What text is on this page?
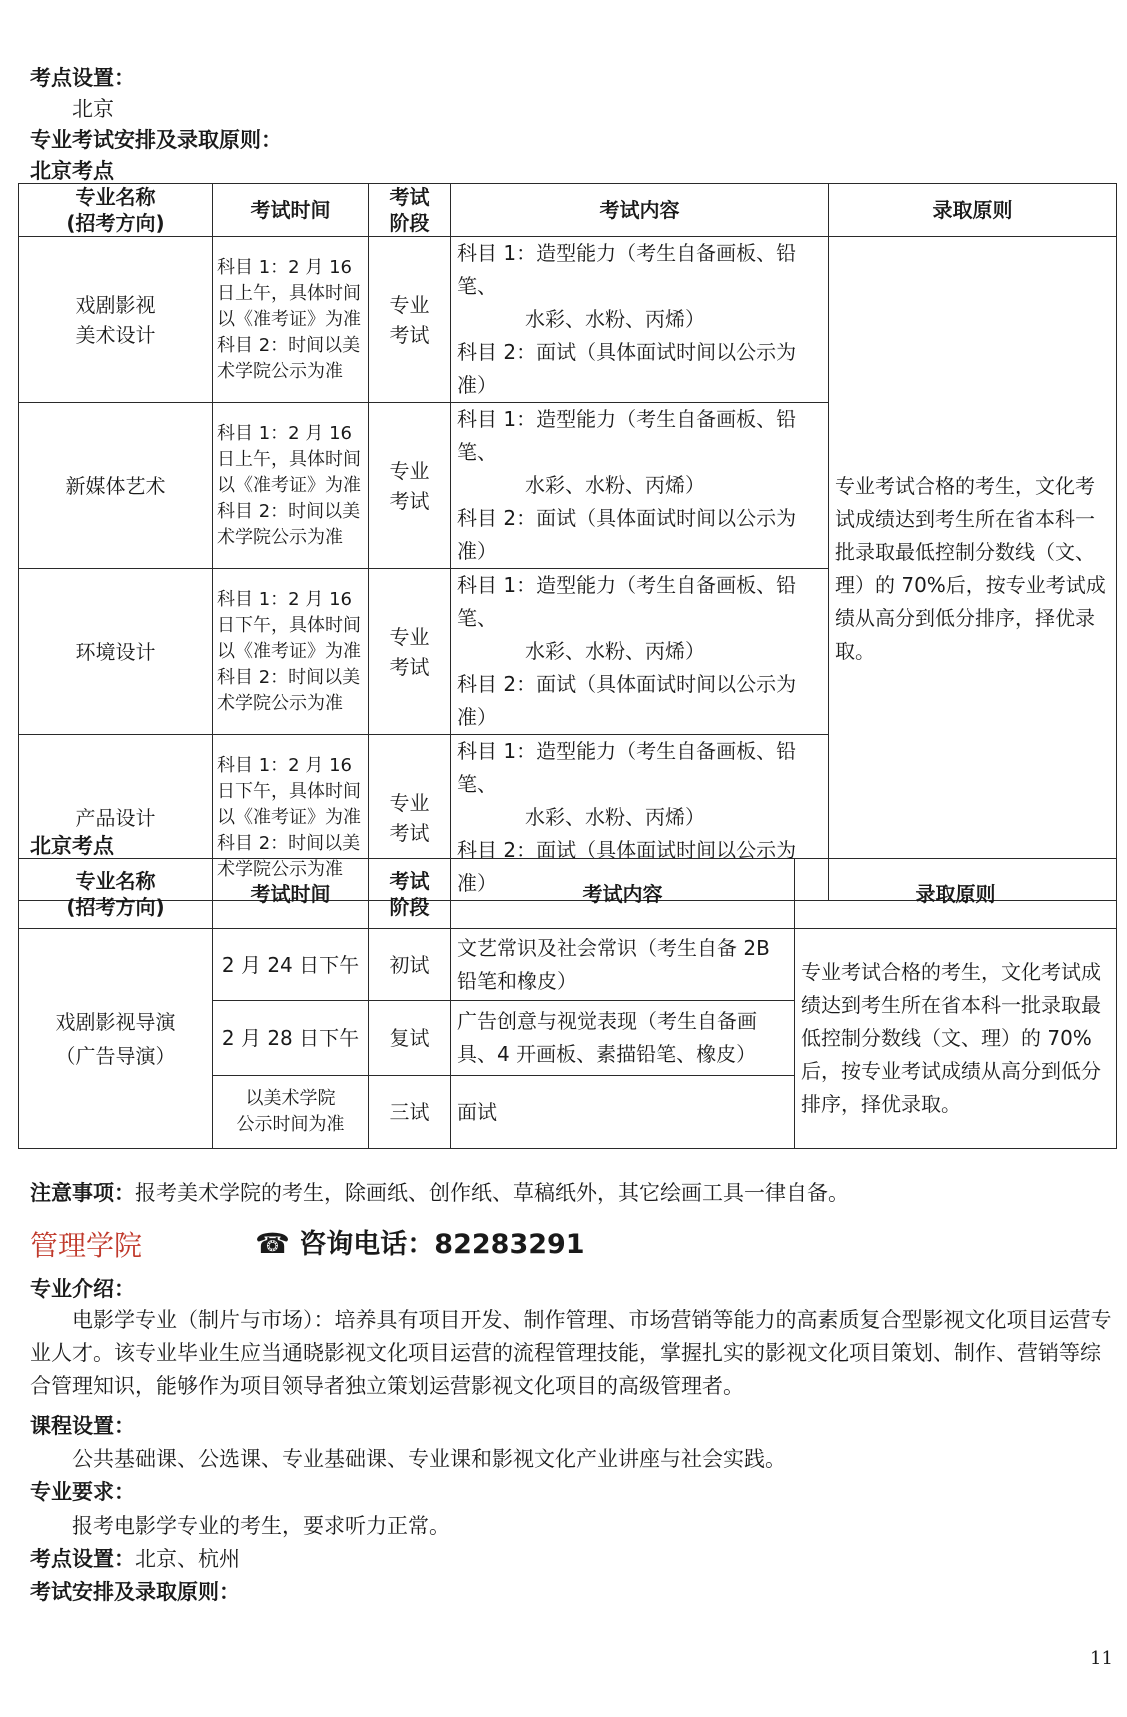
考点设置：
北京
专业考试安排及录取原则：
北京考点
专业名称
(招考方向)	考试时间	考试
阶段	考试内容	录取原则
戏剧影视
美术设计	科目 1：2 月 16
日上午，具体时间
以《准考证》为准
科目 2：时间以美
术学院公示为准	专业
考试	科目 1：造型能力（考生自备画板、铅笔、
水彩、水粉、丙烯）
科目 2：面试（具体面试时间以公示为准）	专业考试合格的考生，文化考试成绩达到考生所在省本科一批录取最低控制分数线（文、理）的 70%后，按专业考试成绩从高分到低分排序，择优录取。
新媒体艺术	科目 1：2 月 16
日上午，具体时间
以《准考证》为准
科目 2：时间以美
术学院公示为准	专业
考试	科目 1：造型能力（考生自备画板、铅笔、
水彩、水粉、丙烯）
科目 2：面试（具体面试时间以公示为准）	
环境设计	科目 1：2 月 16
日下午，具体时间
以《准考证》为准
科目 2：时间以美
术学院公示为准	专业
考试	科目 1：造型能力（考生自备画板、铅笔、
水彩、水粉、丙烯）
科目 2：面试（具体面试时间以公示为准）	
产品设计	科目 1：2 月 16
日下午，具体时间
以《准考证》为准
科目 2：时间以美
术学院公示为准	专业
考试	科目 1：造型能力（考生自备画板、铅笔、
水彩、水粉、丙烯）
科目 2：面试（具体面试时间以公示为准）	
北京考点
专业名称
(招考方向)	考试时间	考试
阶段	考试内容	录取原则
戏剧影视导演
（广告导演）	2 月 24 日下午	初试	文艺常识及社会常识（考生自备 2B 铅笔和橡皮）	专业考试合格的考生，文化考试成绩达到考生所在省本科一批录取最低控制分数线（文、理）的 70%后，按专业考试成绩从高分到低分排序，择优录取。
	2 月 28 日下午	复试	广告创意与视觉表现（考生自备画具、4 开画板、素描铅笔、橡皮）	
	以美术学院
公示时间为准	三试	面试	
注意事项：报考美术学院的考生，除画纸、创作纸、草稿纸外，其它绘画工具一律自备。
管理学院	☎ 咨询电话：82283291
专业介绍：
电影学专业（制片与市场）：培养具有项目开发、制作管理、市场营销等能力的高素质复合型影视文化项目运营专业人才。该专业毕业生应当通晓影视文化项目运营的流程管理技能，掌握扎实的影视文化项目策划、制作、营销等综合管理知识，能够作为项目领导者独立策划运营影视文化项目的高级管理者。
课程设置：
公共基础课、公选课、专业基础课、专业课和影视文化产业讲座与社会实践。
专业要求：
报考电影学专业的考生，要求听力正常。
考点设置：北京、杭州
考试安排及录取原则：
11
